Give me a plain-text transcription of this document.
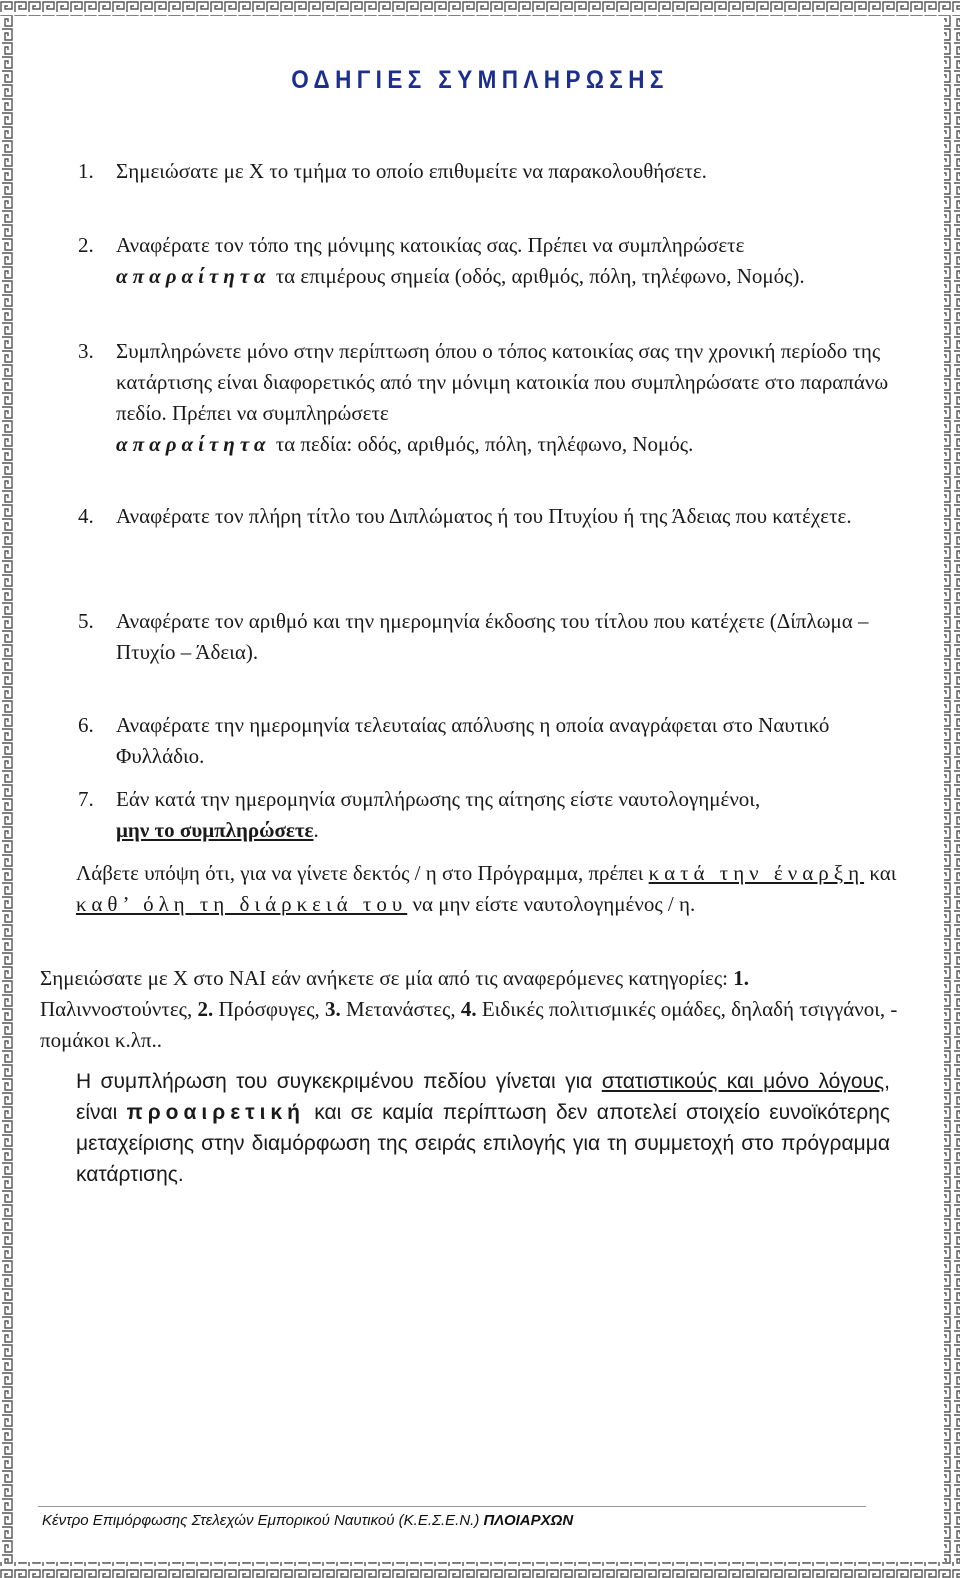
ΟΔΗΓΙΕΣ ΣΥΜΠΛΗΡΩΣΗΣ
1. Σημειώσατε με X το τμήμα το οποίο επιθυμείτε να παρακολουθήσετε.
2. Αναφέρατε τον τόπο της μόνιμης κατοικίας σας. Πρέπει να συμπληρώσετε
απαραίτητα τα επιμέρους σημεία (οδός, αριθμός, πόλη, τηλέφωνο, Νομός).
3. Συμπληρώνετε μόνο στην περίπτωση όπου ο τόπος κατοικίας σας την χρονική περίοδο της κατάρτισης είναι διαφορετικός από την μόνιμη κατοικία που συμπληρώσατε στο παραπάνω πεδίο. Πρέπει να συμπληρώσετε
απαραίτητα τα πεδία: οδός, αριθμός, πόλη, τηλέφωνο, Νομός.
4. Αναφέρατε τον πλήρη τίτλο του Διπλώματος ή του Πτυχίου ή της Άδειας που κατέχετε.
5. Αναφέρατε τον αριθμό και την ημερομηνία έκδοσης του τίτλου που κατέχετε (Δίπλωμα – Πτυχίο – Άδεια).
6. Αναφέρατε την ημερομηνία τελευταίας απόλυσης η οποία αναγράφεται στο Ναυτικό Φυλλάδιο.
7. Εάν κατά την ημερομηνία συμπλήρωσης της αίτησης είστε ναυτολογημένοι,
μην το συμπληρώσετε.
Λάβετε υπόψη ότι, για να γίνετε δεκτός / η στο Πρόγραμμα, πρέπει κατά την έναρξη και καθ’ όλη τη διάρκειά του να μην είστε ναυτολογημένος / η.
Σημειώσατε με X στο ΝΑΙ εάν ανήκετε σε μία από τις αναφερόμενες κατηγορίες: 1. Παλιννοστούντες, 2. Πρόσφυγες, 3. Μετανάστες, 4. Ειδικές πολιτισμικές ομάδες, δηλαδή τσιγγάνοι, - πομάκοι κ.λπ..
Η συμπλήρωση του συγκεκριμένου πεδίου γίνεται για στατιστικούς και μόνο λόγους, είναι προαιρετική και σε καμία περίπτωση δεν αποτελεί στοιχείο ευνοϊκότερης μεταχείρισης στην διαμόρφωση της σειράς επιλογής για τη συμμετοχή στο πρόγραμμα κατάρτισης.
Κέντρο Επιμόρφωσης Στελεχών Εμπορικού Ναυτικού (Κ.Ε.Σ.Ε.Ν.) ΠΛΟΙΑΡΧΩΝ
